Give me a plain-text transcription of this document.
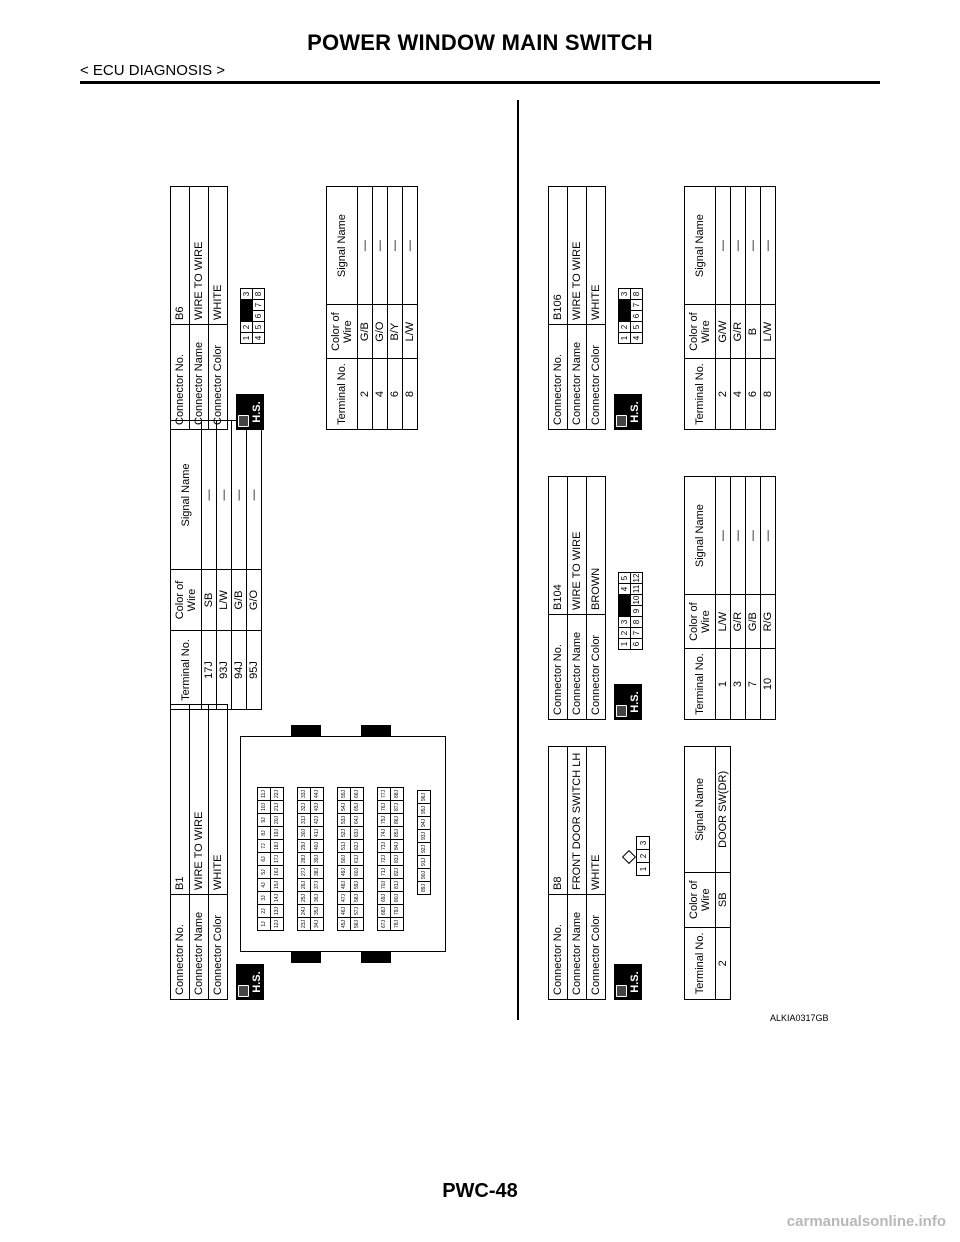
POWER WINDOW MAIN SWITCH
< ECU DIAGNOSIS >
Connector No.	B1
Connector Name	WIRE TO WIRE
Connector Color	WHITE
H.S.
1J	2J	3J	4J	5J	6J	7J	8J	9J	10J	11J
12J	13J	14J	15J	16J	17J	18J	19J	20J	21J	22J
23J	24J	25J	26J	27J	28J	29J	30J	31J	32J	33J
34J	35J	36J	37J	38J	39J	40J	41J	42J	43J	44J
45J	46J	47J	48J	49J	50J	51J	52J	53J	54J	55J
56J	57J	58J	59J	60J	61J	62J	63J	64J	65J	66J
67J	68J	69J	70J	71J	72J	73J	74J	75J	76J	77J
78J	79J	80J	81J	82J	83J	84J	85J	86J	87J	88J
89J	90J	91J	92J	93J	94J	95J	96J
Terminal No.	Color of Wire	Signal Name
17J	SB	—
93J	L/W	—
94J	G/B	—
95J	G/O	—
Connector No.	B6
Connector Name	WIRE TO WIRE
Connector Color	WHITE
H.S.
1	2			3
4	5	6	7	8
Terminal No.	Color of Wire	Signal Name
2	G/B	—
4	G/O	—
6	B/Y	—
8	L/W	—
Connector No.	B8
Connector Name	FRONT DOOR SWITCH LH
Connector Color	WHITE
H.S.
1	2	3
Terminal No.	Color of Wire	Signal Name
2	SB	DOOR SW(DR)
Connector No.	B104
Connector Name	WIRE TO WIRE
Connector Color	BROWN
H.S.
1	2	3			4	5
6	7	8	9	10	11	12
Terminal No.	Color of Wire	Signal Name
1	L/W	—
3	G/R	—
7	G/B	—
10	R/G	—
Connector No.	B106
Connector Name	WIRE TO WIRE
Connector Color	WHITE
H.S.
1	2			3
4	5	6	7	8
Terminal No.	Color of Wire	Signal Name
2	G/W	—
4	G/R	—
6	B	—
8	L/W	—
ALKIA0317GB
PWC-48
carmanualsonline.info
